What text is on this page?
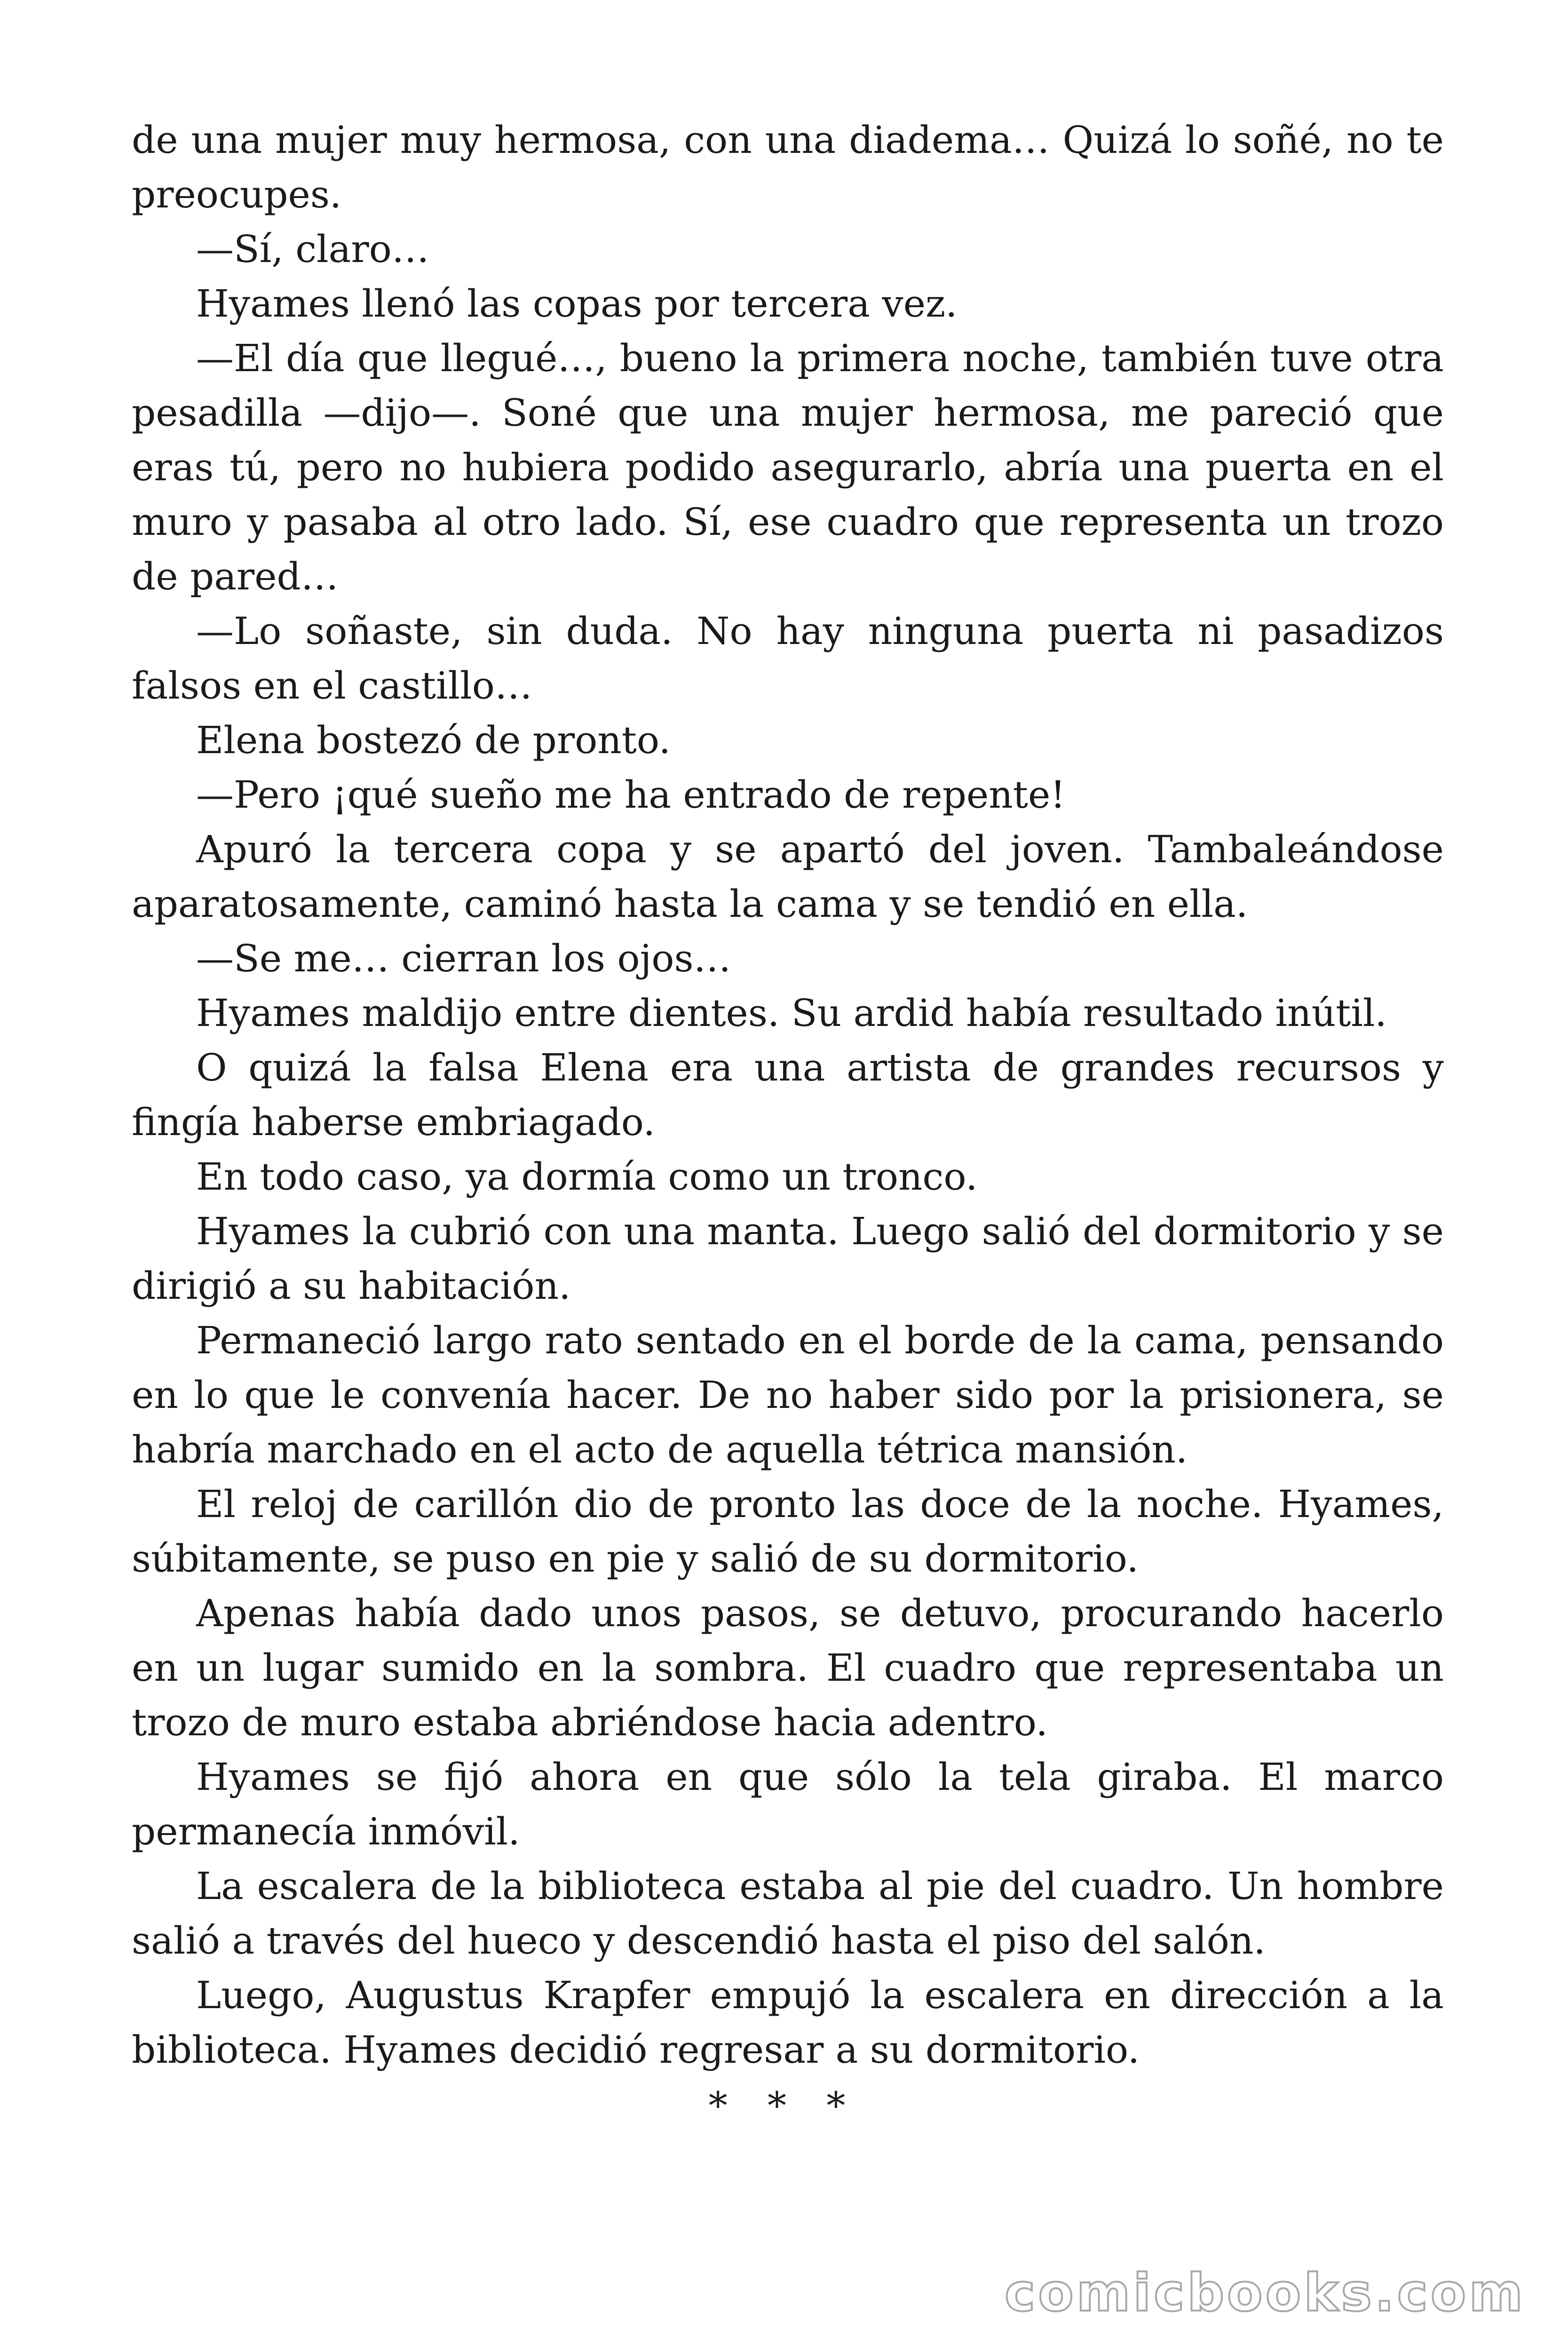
de una mujer muy hermosa, con una diadema… Quizá lo soñé, no te preocupes.

—Sí, claro…

Hyames llenó las copas por tercera vez.

—El día que llegué…, bueno la primera noche, también tuve otra pesadilla —dijo—. Soné que una mujer hermosa, me pareció que eras tú, pero no hubiera podido asegurarlo, abría una puerta en el muro y pasaba al otro lado. Sí, ese cuadro que representa un trozo de pared…

—Lo soñaste, sin duda. No hay ninguna puerta ni pasadizos falsos en el castillo…

Elena bostezó de pronto.

—Pero ¡qué sueño me ha entrado de repente!

Apuró la tercera copa y se apartó del joven. Tambaleándose aparatosamente, caminó hasta la cama y se tendió en ella.

—Se me… cierran los ojos…

Hyames maldijo entre dientes. Su ardid había resultado inútil.

O quizá la falsa Elena era una artista de grandes recursos y fingía haberse embriagado.

En todo caso, ya dormía como un tronco.

Hyames la cubrió con una manta. Luego salió del dormitorio y se dirigió a su habitación.

Permaneció largo rato sentado en el borde de la cama, pensando en lo que le convenía hacer. De no haber sido por la prisionera, se habría marchado en el acto de aquella tétrica mansión.

El reloj de carillón dio de pronto las doce de la noche. Hyames, súbitamente, se puso en pie y salió de su dormitorio.

Apenas había dado unos pasos, se detuvo, procurando hacerlo en un lugar sumido en la sombra. El cuadro que representaba un trozo de muro estaba abriéndose hacia adentro.

Hyames se fijó ahora en que sólo la tela giraba. El marco permanecía inmóvil.

La escalera de la biblioteca estaba al pie del cuadro. Un hombre salió a través del hueco y descendió hasta el piso del salón.

Luego, Augustus Krapfer empujó la escalera en dirección a la biblioteca. Hyames decidió regresar a su dormitorio.

* * *
comicbooks.com
